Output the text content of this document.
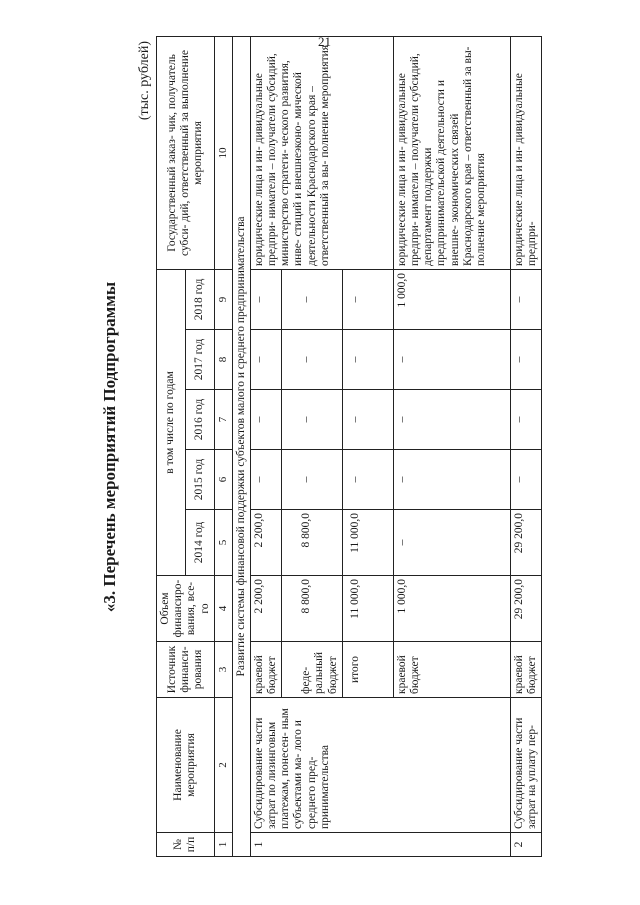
21
«3. Перечень мероприятий Подпрограммы
(тыс. рублей)
№ п/п	Наименование мероприятия	Источник финанси- рования	Объем финансиро- вания, все- го	в том числе по годам					Государственный заказ- чик, получатель субси- дий, ответственный за выполнение мероприятия
				2014 год	2015 год	2016 год	2017 год	2018 год	
1	2	3	4	5	6	7	8	9	10
Развитие системы финансовой поддержки субъектов малого и среднего предпринимательства									
1	Субсидирование части затрат по лизинговым платежам, понесен- ным субъектами ма- лого и среднего пред- принимательства	краевой бюджет	2 200,0	2 200,0	–	–	–	–	юридические лица и ин- дивидуальные предпри- ниматели – получатели субсидий, министерство стратеги- ческого развития, инве- стиций и внешнеэконо- мической деятельности Краснодарского края – ответственный за вы- полнение мероприятия
		феде- ральный бюджет	8 800,0	8 800,0	–	–	–	–	
		итого	11 000,0	11 000,0	–	–	–	–	
		краевой бюджет	1 000,0	–	–	–	–	1 000,0	юридические лица и ин- дивидуальные предпри- ниматели – получатели субсидий, департамент поддержки предпринимательской деятельности и внешне- экономических связей Краснодарского края – ответственный за вы- полнение мероприятия
2	Субсидирование части затрат на уплату пер-	краевой бюджет	29 200,0	29 200,0	–	–	–	–	юридические лица и ин- дивидуальные предпри-
